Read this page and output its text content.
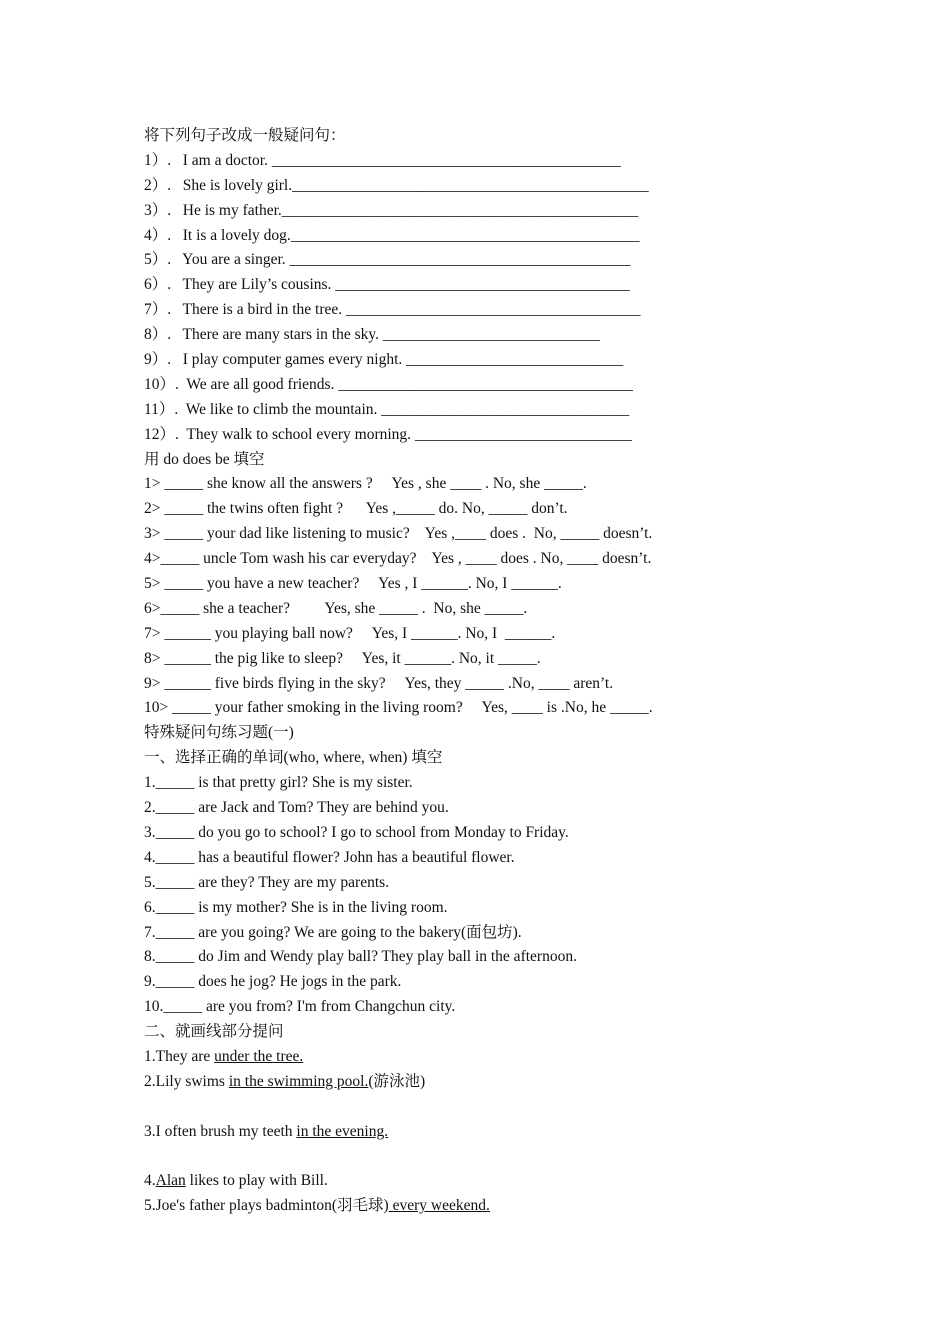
将下列句子改成一般疑问句：
1）.   I am a doctor. _____________________________________________
2）.   She is lovely girl.______________________________________________
3）.   He is my father.______________________________________________
4）.   It is a lovely dog._____________________________________________
5）.   You are a singer. ____________________________________________
6）.   They are Lily’s cousins. ______________________________________
7）.   There is a bird in the tree. ______________________________________
8）.   There are many stars in the sky. ____________________________
9）.   I play computer games every night. ____________________________
10）.  We are all good friends. ______________________________________
11）.  We like to climb the mountain. ________________________________
12）.  They walk to school every morning. ____________________________
用 do does be 填空
1> _____ she know all the answers ?     Yes , she ____ . No, she _____.
2> _____ the twins often fight ?      Yes ,_____ do. No, _____ don’t.
3> _____ your dad like listening to music?    Yes ,____ does .  No, _____ doesn’t.
4>_____ uncle Tom wash his car everyday?    Yes , ____ does . No, ____ doesn’t.
5> _____ you have a new teacher?     Yes , I ______. No, I ______.
6>_____ she a teacher?         Yes, she _____ .  No, she _____.
7> ______ you playing ball now?     Yes, I ______. No, I  ______.
8> ______ the pig like to sleep?     Yes, it ______. No, it _____.
9> ______ five birds flying in the sky?     Yes, they _____ .No, ____ aren’t.
10> _____ your father smoking in the living room?     Yes, ____ is .No, he _____.
特殊疑问句练习题(一)
一、选择正确的单词(who, where, when) 填空
1._____ is that pretty girl? She is my sister.
2._____ are Jack and Tom? They are behind you.
3._____ do you go to school? I go to school from Monday to Friday.
4._____ has a beautiful flower? John has a beautiful flower.
5._____ are they? They are my parents.
6._____ is my mother? She is in the living room.
7._____ are you going? We are going to the bakery(面包坊).
8._____ do Jim and Wendy play ball? They play ball in the afternoon.
9._____ does he jog? He jogs in the park.
10._____ are you from? I'm from Changchun city.
二、就画线部分提问
1.They are under the tree.
2.Lily swims in the swimming pool.(游泳池)
3.I often brush my teeth in the evening.
4.Alan likes to play with Bill.
5.Joe's father plays badminton(羽毛球) every weekend.
